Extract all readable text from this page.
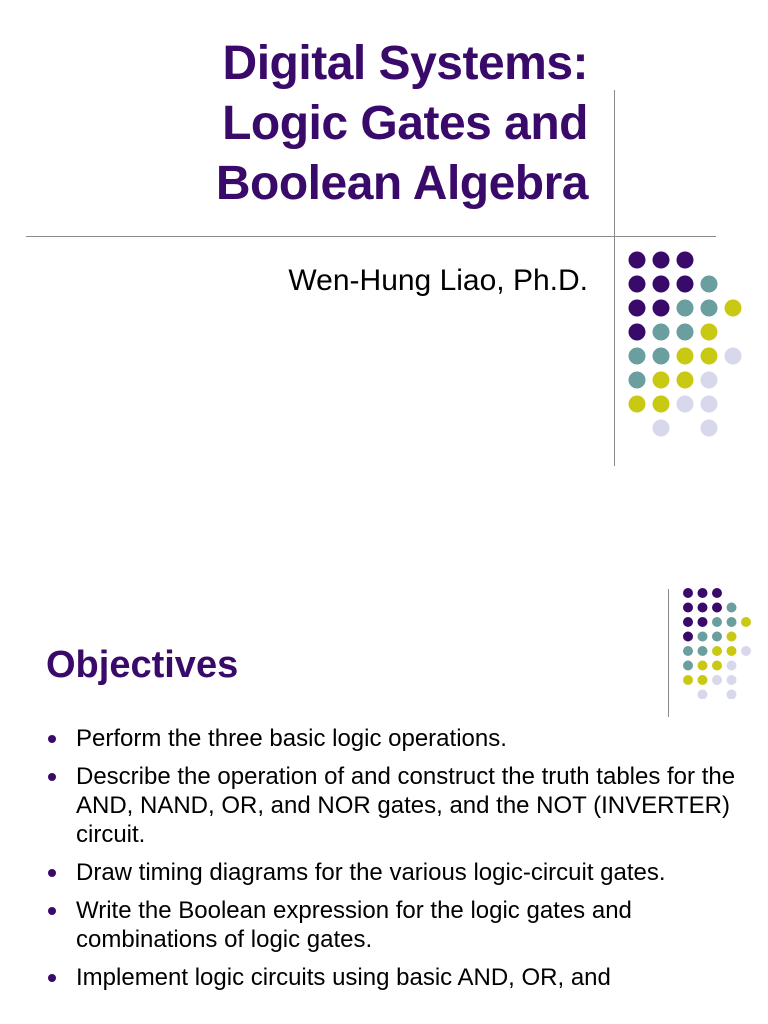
Digital Systems:
Logic Gates and
Boolean Algebra
Wen-Hung Liao, Ph.D.
Objectives
Perform the three basic logic operations.
Describe the operation of and construct the truth tables for the AND, NAND, OR, and NOR gates, and the NOT (INVERTER) circuit.
Draw timing diagrams for the various logic-circuit gates.
Write the Boolean expression for the logic gates and combinations of logic gates.
Implement logic circuits using basic AND, OR, and
